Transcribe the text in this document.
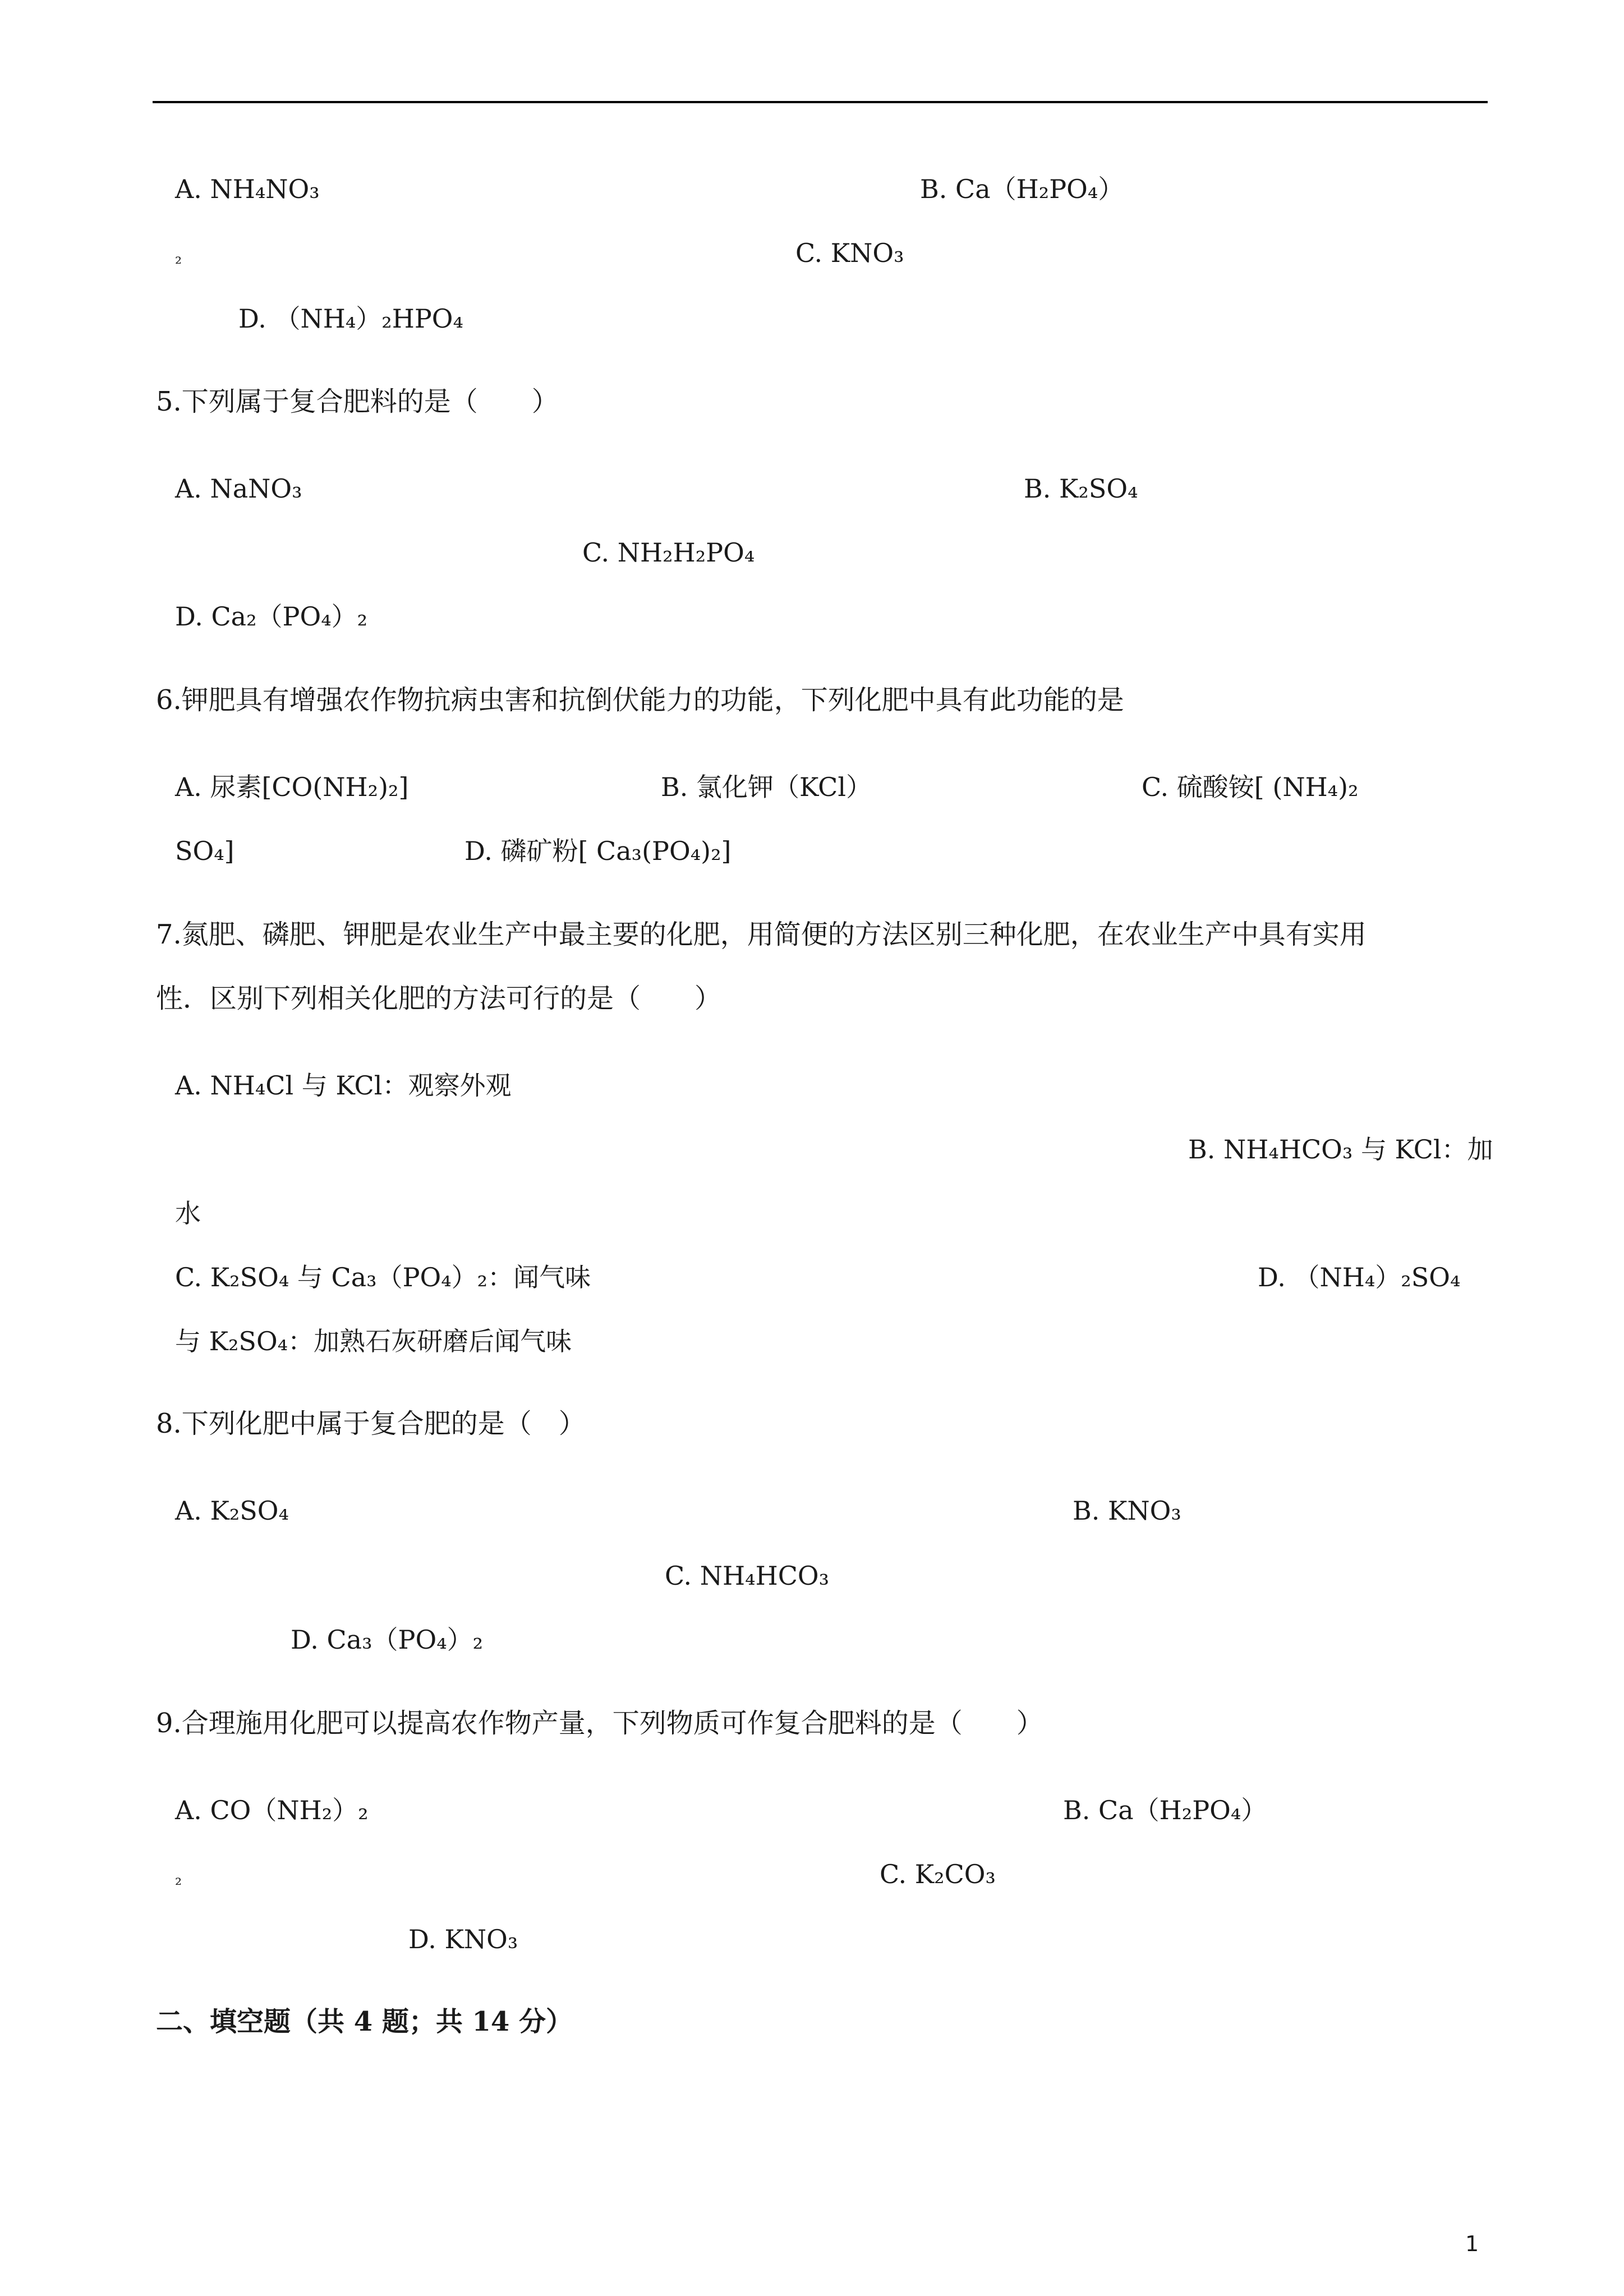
A. NH₄NO₃	B. Ca（H₂PO₄）
₂	C. KNO₃
D. （NH₄）₂HPO₄
5.下列属于复合肥料的是（　　）
A. NaNO₃	B. K₂SO₄
C. NH₂H₂PO₄
D. Ca₂（PO₄）₂
6.钾肥具有增强农作物抗病虫害和抗倒伏能力的功能，下列化肥中具有此功能的是
A. 尿素[CO(NH₂)₂]	B. 氯化钾（KCl）	C. 硫酸铵[ (NH₄)₂
SO₄]	D. 磷矿粉[ Ca₃(PO₄)₂]
7.氮肥、磷肥、钾肥是农业生产中最主要的化肥，用简便的方法区别三种化肥，在农业生产中具有实用
性．区别下列相关化肥的方法可行的是（　　）
A. NH₄Cl 与 KCl：观察外观
B. NH₄HCO₃ 与 KCl：加
水
C. K₂SO₄ 与 Ca₃（PO₄）₂：闻气味	D. （NH₄）₂SO₄
与 K₂SO₄：加熟石灰研磨后闻气味
8.下列化肥中属于复合肥的是（　）
A. K₂SO₄	B. KNO₃
C. NH₄HCO₃
D. Ca₃（PO₄）₂
9.合理施用化肥可以提高农作物产量，下列物质可作复合肥料的是（　　）
A. CO（NH₂）₂	B. Ca（H₂PO₄）
₂	C. K₂CO₃
D. KNO₃
二、填空题（共 4 题；共 14 分）
1
